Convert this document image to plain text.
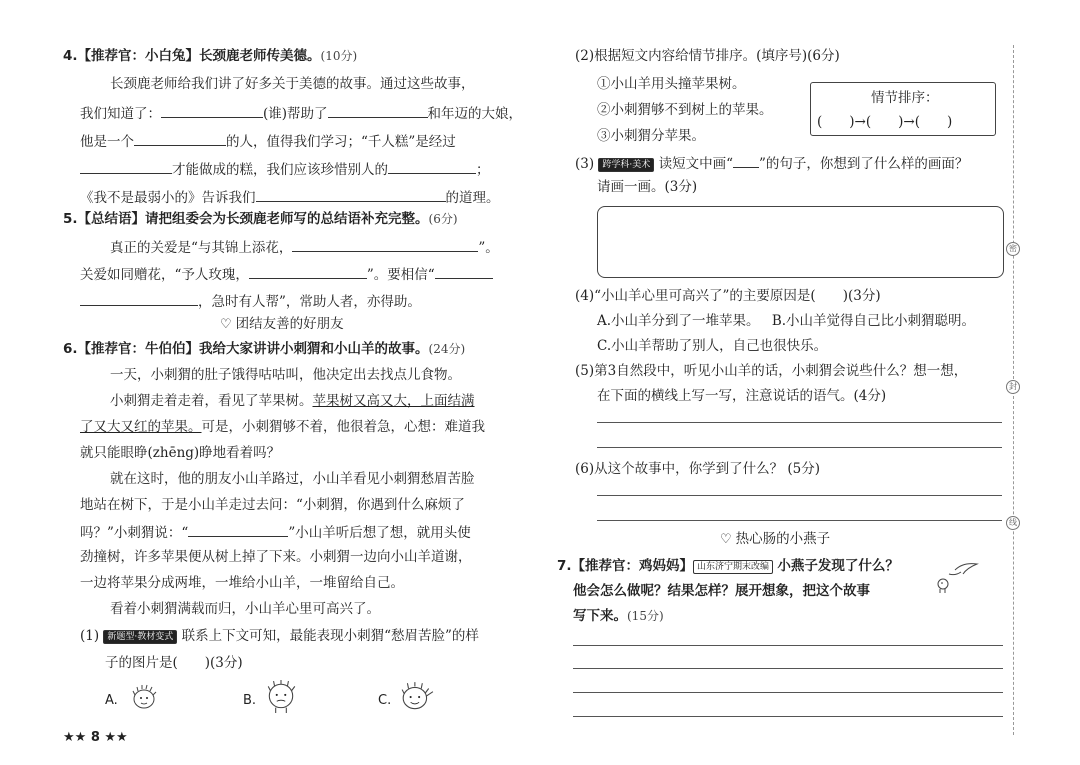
4.【推荐官：小白兔】长颈鹿老师传美德。(10分)
长颈鹿老师给我们讲了好多关于美德的故事。通过这些故事，
我们知道了：	(谁)帮助了	和年迈的大娘，
他是一个	的人，值得我们学习；“千人糕”是经过
才能做成的糕，我们应该珍惜别人的	；
《我不是最弱小的》告诉我们	的道理。
5.【总结语】请把组委会为长颈鹿老师写的总结语补充完整。(6分)
真正的关爱是“与其锦上添花，	”。
关爱如同赠花，“予人玫瑰，	”。要相信“
，急时有人帮”，常助人者，亦得助。
♡ 团结友善的好朋友
6.【推荐官：牛伯伯】我给大家讲讲小刺猬和小山羊的故事。(24分)
一天，小刺猬的肚子饿得咕咕叫，他决定出去找点儿食物。
小刺猬走着走着，看见了苹果树。苹果树又高又大，上面结满
了又大又红的苹果。可是，小刺猬够不着，他很着急，心想：难道我
就只能眼睁(zhēng)睁地看着吗？
就在这时，他的朋友小山羊路过，小山羊看见小刺猬愁眉苦脸
地站在树下，于是小山羊走过去问：“小刺猬，你遇到什么麻烦了
吗？”小刺猬说：“	”小山羊听后想了想，就用头使
劲撞树，许多苹果便从树上掉了下来。小刺猬一边向小山羊道谢，
一边将苹果分成两堆，一堆给小山羊，一堆留给自己。
看着小刺猬满载而归，小山羊心里可高兴了。
(1) 新题型·教材变式 联系上下文可知，最能表现小刺猬“愁眉苦脸”的样
子的图片是(　　)(3分)
A.	B.	C.
★★ 8 ★★
(2)根据短文内容给情节排序。(填序号)(6分)
①小山羊用头撞苹果树。
②小刺猬够不到树上的苹果。
③小刺猬分苹果。
情节排序：
(　　)→(　　)→(　　)
(3) 跨学科·美术 读短文中画“ ”的句子，你想到了什么样的画面？
请画一画。(3分)
(4)“小山羊心里可高兴了”的主要原因是(　　)(3分)
A.小山羊分到了一堆苹果。 B.小山羊觉得自己比小刺猬聪明。
C.小山羊帮助了别人，自己也很快乐。
(5)第3自然段中，听见小山羊的话，小刺猬会说些什么？想一想，
在下面的横线上写一写，注意说话的语气。(4分)
(6)从这个故事中，你学到了什么？ (5分)
♡ 热心肠的小燕子
7.【推荐官：鸡妈妈】 山东济宁期末改编 小燕子发现了什么？
他会怎么做呢？结果怎样？展开想象，把这个故事
写下来。(15分)
密
封
线
